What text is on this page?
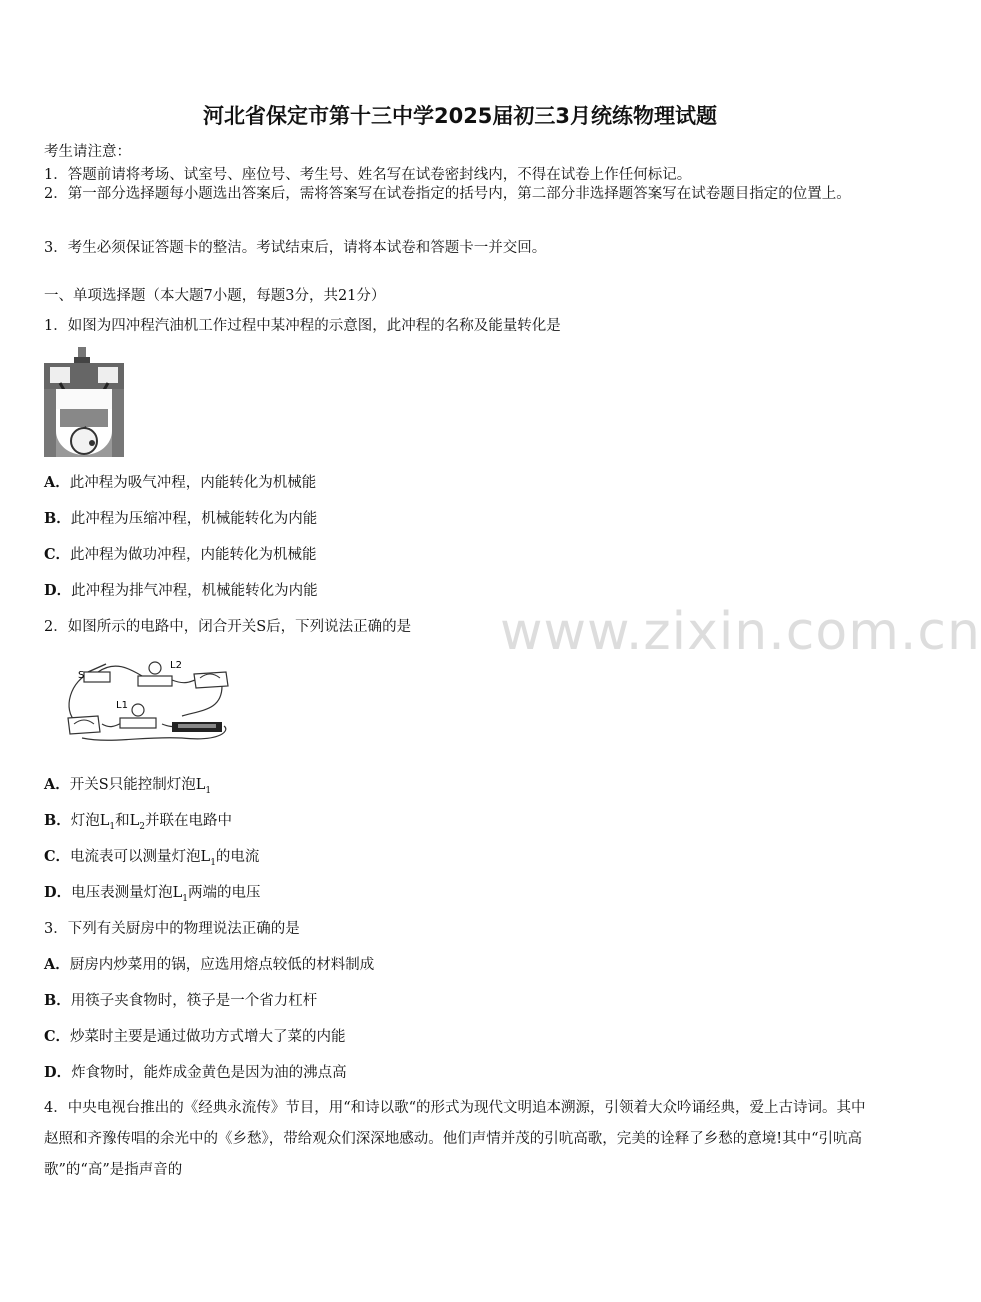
河北省保定市第十三中学2025届初三3月统练物理试题
考生请注意：
1．答题前请将考场、试室号、座位号、考生号、姓名写在试卷密封线内，不得在试卷上作任何标记。
2．第一部分选择题每小题选出答案后，需将答案写在试卷指定的括号内，第二部分非选择题答案写在试卷题目指定的位置上。
3．考生必须保证答题卡的整洁。考试结束后，请将本试卷和答题卡一并交回。
一、单项选择题（本大题7小题，每题3分，共21分）
1．如图为四冲程汽油机工作过程中某冲程的示意图，此冲程的名称及能量转化是
A．此冲程为吸气冲程，内能转化为机械能
B．此冲程为压缩冲程，机械能转化为内能
C．此冲程为做功冲程，内能转化为机械能
D．此冲程为排气冲程，机械能转化为内能
2．如图所示的电路中，闭合开关S后，下列说法正确的是
S
L2
L1
A．开关S只能控制灯泡$L_1$
B．灯泡$L_1$和$L_2$并联在电路中
C．电流表可以测量灯泡$L_1$的电流
D．电压表测量灯泡$L_1$两端的电压
3．下列有关厨房中的物理说法正确的是
A．厨房内炒菜用的锅，应选用熔点较低的材料制成
B．用筷子夹食物时，筷子是一个省力杠杆
C．炒菜时主要是通过做功方式增大了菜的内能
D．炸食物时，能炸成金黄色是因为油的沸点高
4．中央电视台推出的《经典永流传》节目，用“和诗以歌“的形式为现代文明追本溯源，引领着大众吟诵经典，爱上古诗词。其中赵照和齐豫传唱的余光中的《乡愁》，带给观众们深深地感动。他们声情并茂的引吭高歌，完美的诠释了乡愁的意境!其中“引吭高歌”的“高”是指声音的
www.zixin.com.cn
